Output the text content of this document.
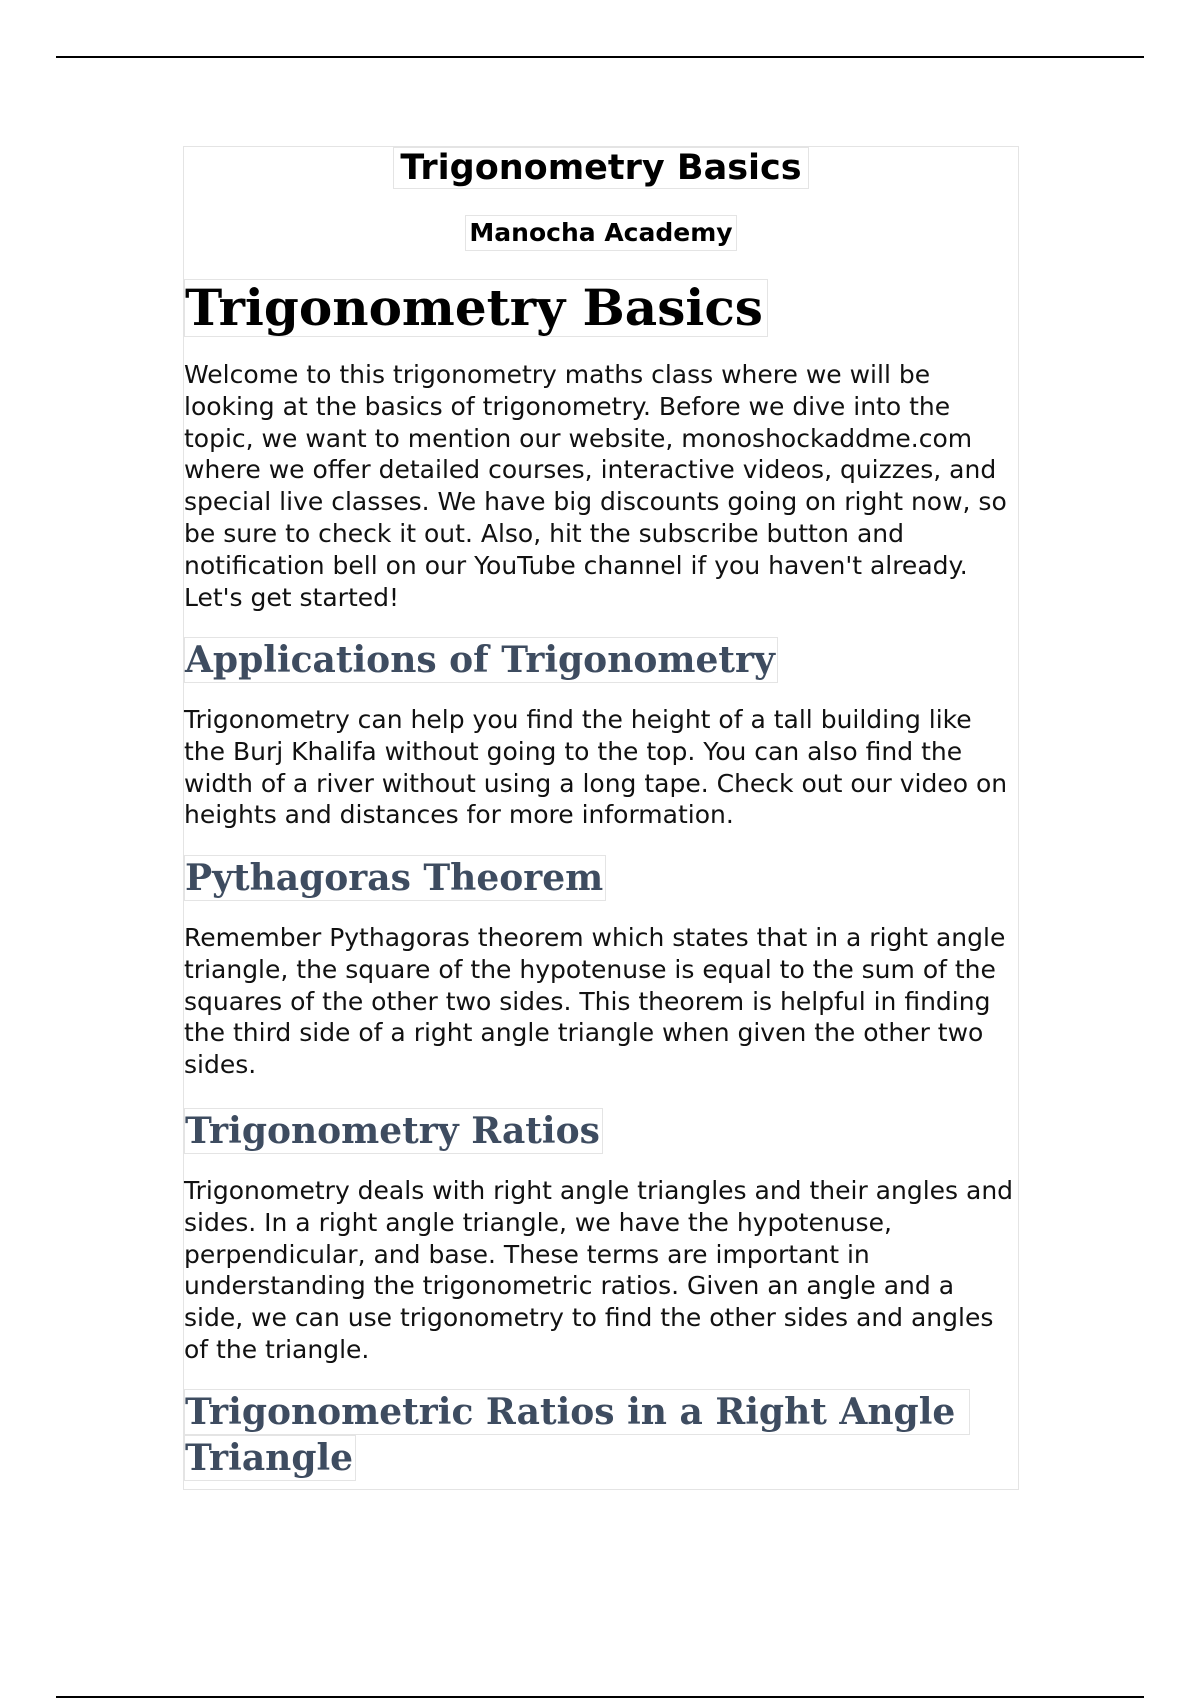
Trigonometry Basics
Manocha Academy
Trigonometry Basics

Welcome to this trigonometry maths class where we will be looking at the basics of trigonometry. Before we dive into the topic, we want to mention our website, monoshockaddme.com where we offer detailed courses, interactive videos, quizzes, and special live classes. We have big discounts going on right now, so be sure to check it out. Also, hit the subscribe button and notification bell on our YouTube channel if you haven't already. Let's get started!

Applications of Trigonometry

Trigonometry can help you find the height of a tall building like the Burj Khalifa without going to the top. You can also find the width of a river without using a long tape. Check out our video on heights and distances for more information.

Pythagoras Theorem

Remember Pythagoras theorem which states that in a right angle triangle, the square of the hypotenuse is equal to the sum of the squares of the other two sides. This theorem is helpful in finding the third side of a right angle triangle when given the other two sides.

Trigonometry Ratios

Trigonometry deals with right angle triangles and their angles and sides. In a right angle triangle, we have the hypotenuse, perpendicular, and base. These terms are important in understanding the trigonometric ratios. Given an angle and a side, we can use trigonometry to find the other sides and angles of the triangle.

Trigonometric Ratios in a Right Angle
Triangle
